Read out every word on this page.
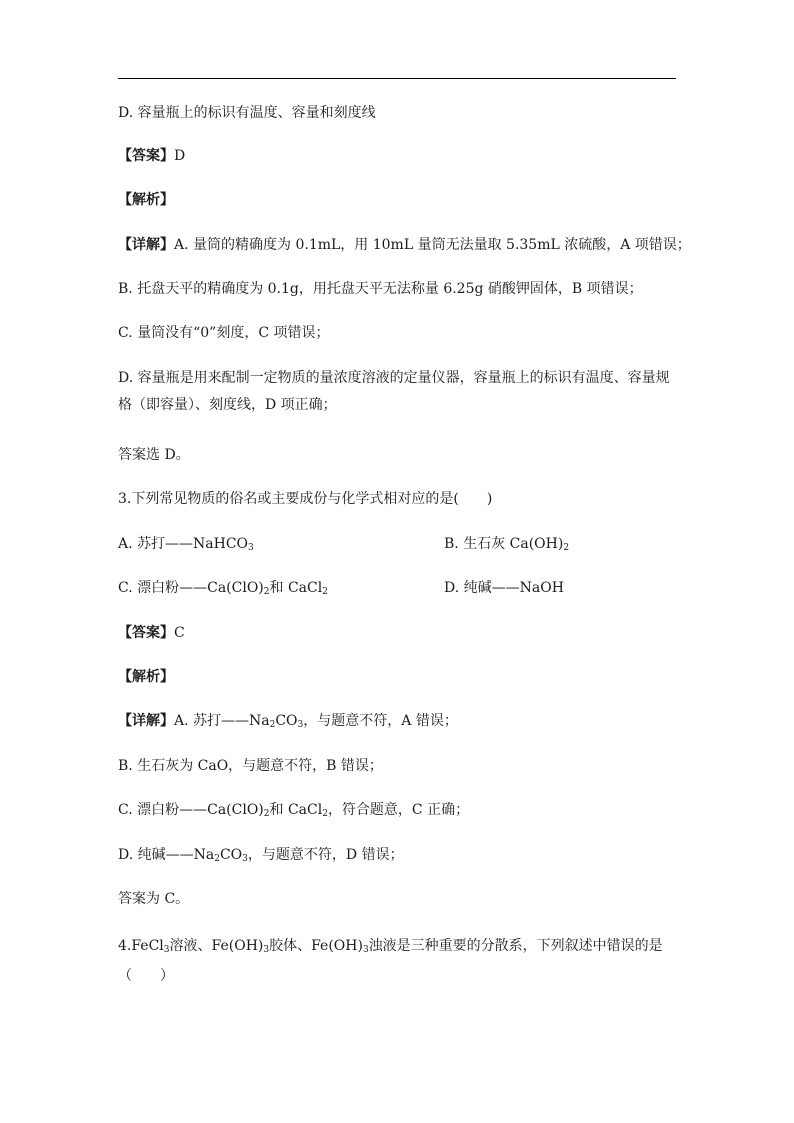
D. 容量瓶上的标识有温度、容量和刻度线
【答案】D
【解析】
【详解】A. 量筒的精确度为 0.1mL，用 10mL 量筒无法量取 5.35mL 浓硫酸，A 项错误；
B. 托盘天平的精确度为 0.1g，用托盘天平无法称量 6.25g 硝酸钾固体，B 项错误；
C. 量筒没有“0”刻度，C 项错误；
D. 容量瓶是用来配制一定物质的量浓度溶液的定量仪器，容量瓶上的标识有温度、容量规格（即容量）、刻度线，D 项正确；
答案选 D。
3.下列常见物质的俗名或主要成份与化学式相对应的是(　　)
A. 苏打——NaHCO$_3$	B. 生石灰 $Ca(OH)_2$
C. 漂白粉$——Ca(ClO)_2$和 CaCl$_2$	D. 纯碱——NaOH
【答案】C
【解析】
【详解】A. 苏打$——Na_2CO_3$，与题意不符，A 错误；
B. 生石灰为 CaO，与题意不符，B 错误；
C. 漂白粉$——Ca(ClO)_2$和 CaCl$_2$，符合题意，C 正确；
D. 纯碱$——Na_2CO_3$，与题意不符，D 错误；
答案为 C。
4.FeCl$_3$溶液、$Fe(OH)_3$胶体、$Fe(OH)_3$浊液是三种重要的分散系，下列叙述中错误的是（　　）
